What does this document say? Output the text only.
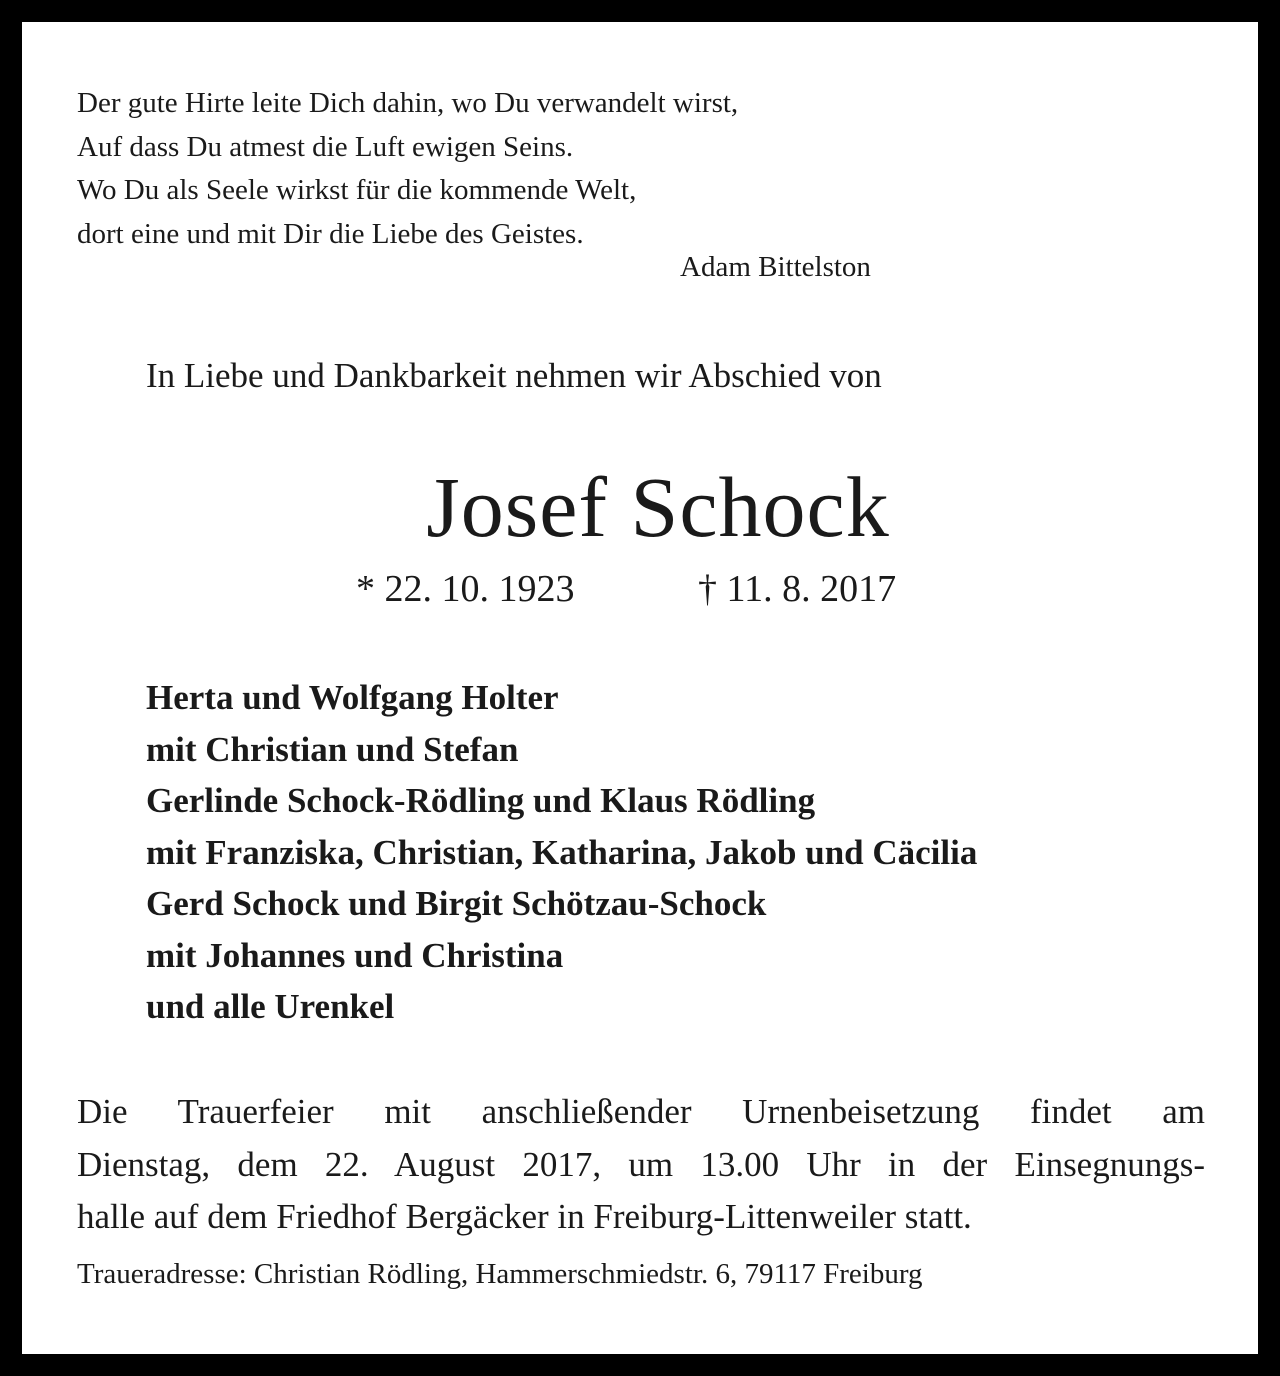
Der gute Hirte leite Dich dahin, wo Du verwandelt wirst,
Auf dass Du atmest die Luft ewigen Seins.
Wo Du als Seele wirkst für die kommende Welt,
dort eine und mit Dir die Liebe des Geistes.
Adam Bittelston
In Liebe und Dankbarkeit nehmen wir Abschied von
Josef Schock
* 22. 10. 1923	† 11. 8. 2017
Herta und Wolfgang Holter
mit Christian und Stefan
Gerlinde Schock-Rödling und Klaus Rödling
mit Franziska, Christian, Katharina, Jakob und Cäcilia
Gerd Schock und Birgit Schötzau-Schock
mit Johannes und Christina
und alle Urenkel
Die Trauerfeier mit anschließender Urnenbeisetzung findet am
Dienstag, dem 22. August 2017, um 13.00 Uhr in der Einsegnungs-
halle auf dem Friedhof Bergäcker in Freiburg-Littenweiler statt.
Traueradresse: Christian Rödling, Hammerschmiedstr. 6, 79117 Freiburg
